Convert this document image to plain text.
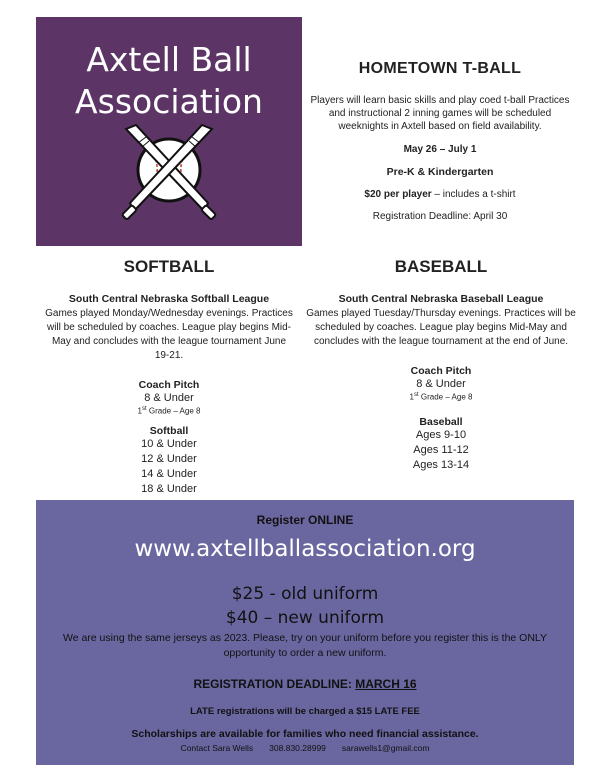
Axtell Ball
Association
HOMETOWN T-BALL

Players will learn basic skills and play coed t-ball Practices and instructional 2 inning games will be scheduled weeknights in Axtell based on field availability.

May 26 – July 1

Pre-K & Kindergarten

$20 per player – includes a t-shirt

Registration Deadline: April 30

SOFTBALL

South Central Nebraska Softball League

Games played Monday/Wednesday evenings. Practices will be scheduled by coaches. League play begins Mid-May and concludes with the league tournament June 19-21.

Coach Pitch

8 & Under

1st Grade – Age 8

Softball

10 & Under

12 & Under

14 & Under

18 & Under

BASEBALL

South Central Nebraska Baseball League

Games played Tuesday/Thursday evenings. Practices will be scheduled by coaches. League play begins Mid-May and concludes with the league tournament at the end of June.

Coach Pitch

8 & Under

1st Grade – Age 8

Baseball

Ages 9-10

Ages 11-12

Ages 13-14

Register ONLINE
www.axtellballassociation.org
$25 - old uniform
$40 – new uniform
We are using the same jerseys as 2023. Please, try on your uniform before you register this is the ONLY opportunity to order a new uniform.
REGISTRATION DEADLINE: MARCH 16
LATE registrations will be charged a $15 LATE FEE
Scholarships are available for families who need financial assistance.
Contact Sara Wells 308.830.28999 sarawells1@gmail.com
